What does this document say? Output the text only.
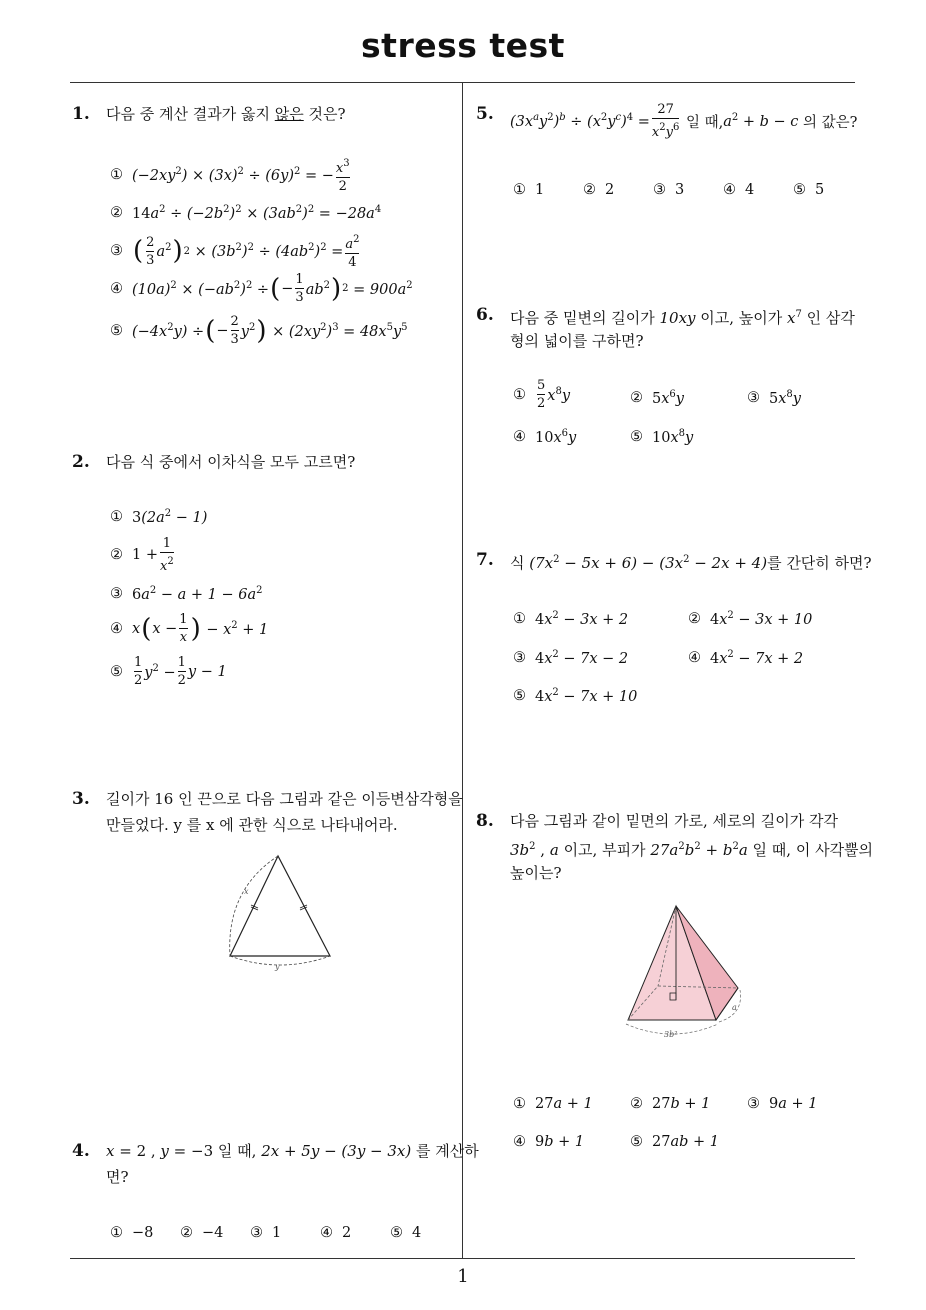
stress test
1
1. 다음 중 계산 결과가 옳지 않은 것은?
① $(-2xy^2) \times (3x)^2 \div (6y)^2$ = − $x^3$
2
② $14a^2 \div (-2b^2)^2 \times (3ab^2)^2 = -28a^4$
③ ( 2
3 $a^2$ ) $2 \times (3b^2)^2 \div (4ab^2)^2 = a^2$
4
④ $(10a)^2 \times (-ab^2)^2$ ÷ ( −
1
3 $ab^2$ ) $2 = 900a^2$
⑤ $(-4x^2y)$ ÷ ( −
2
3 $y^2$ ) × $(2xy^2)^3 = 48x^5y^5$
2. 다음 식 중에서 이차식을 모두 고르면?
① $3(2a^2 - 1)$
② 1 +
1
$x^2$
③ $6a^2 - a + 1 - 6a^2$
④ x ( x −
1
x ) − $x^2 + 1$
⑤
1
2 $y^2$ −
1
2
y − 1
3. 길이가 16 인 끈으로 다음 그림과 같은 이등변삼각형을
만들었다. y 를 x 에 관한 식으로 나타내어라.
x
y
4. x = 2 , y = −3 일 때, 2x + 5y − (3y − 3x) 를 계산하
면?
① −8 ② −4 ③ 1	④ 2	⑤ 4
5. $(3x^ay^2)^b \div (x^2y^c)^4$ =
27
$x^2y^6$ 일 때, $a^2 + b - c$ 의 값은?
① 1	② 2	③ 3	④ 4	⑤ 5
6. 다음 중 밑변의 길이가 10xy 이고, 높이가 $x^7$ 인 삼각
형의 넓이를 구하면?
①
5
2 $x^8y$	② $5x^6y$	③ $5x^8y$
④ $10x^6y$	⑤ $10x^8y$
7. 식 $(7x^2 - 5x + 6) - (3x^2 - 2x + 4)$를 간단히 하면?
① $4x^2 - 3x + 2$	② $4x^2 - 3x + 10$
③ $4x^2 - 7x - 2$	④ $4x^2 - 7x + 2$
⑤ $4x^2 - 7x + 10$
8. 다음 그림과 같이 밑면의 가로, 세로의 길이가 각각
$3b^2$ , a 이고, 부피가 $27a^2b^2 + b^2a$ 일 때, 이 사각뿔의
높이는?
a
3b²
① 27a + 1	② 27b + 1	③ 9a + 1
④ 9b + 1	⑤ 27ab + 1
